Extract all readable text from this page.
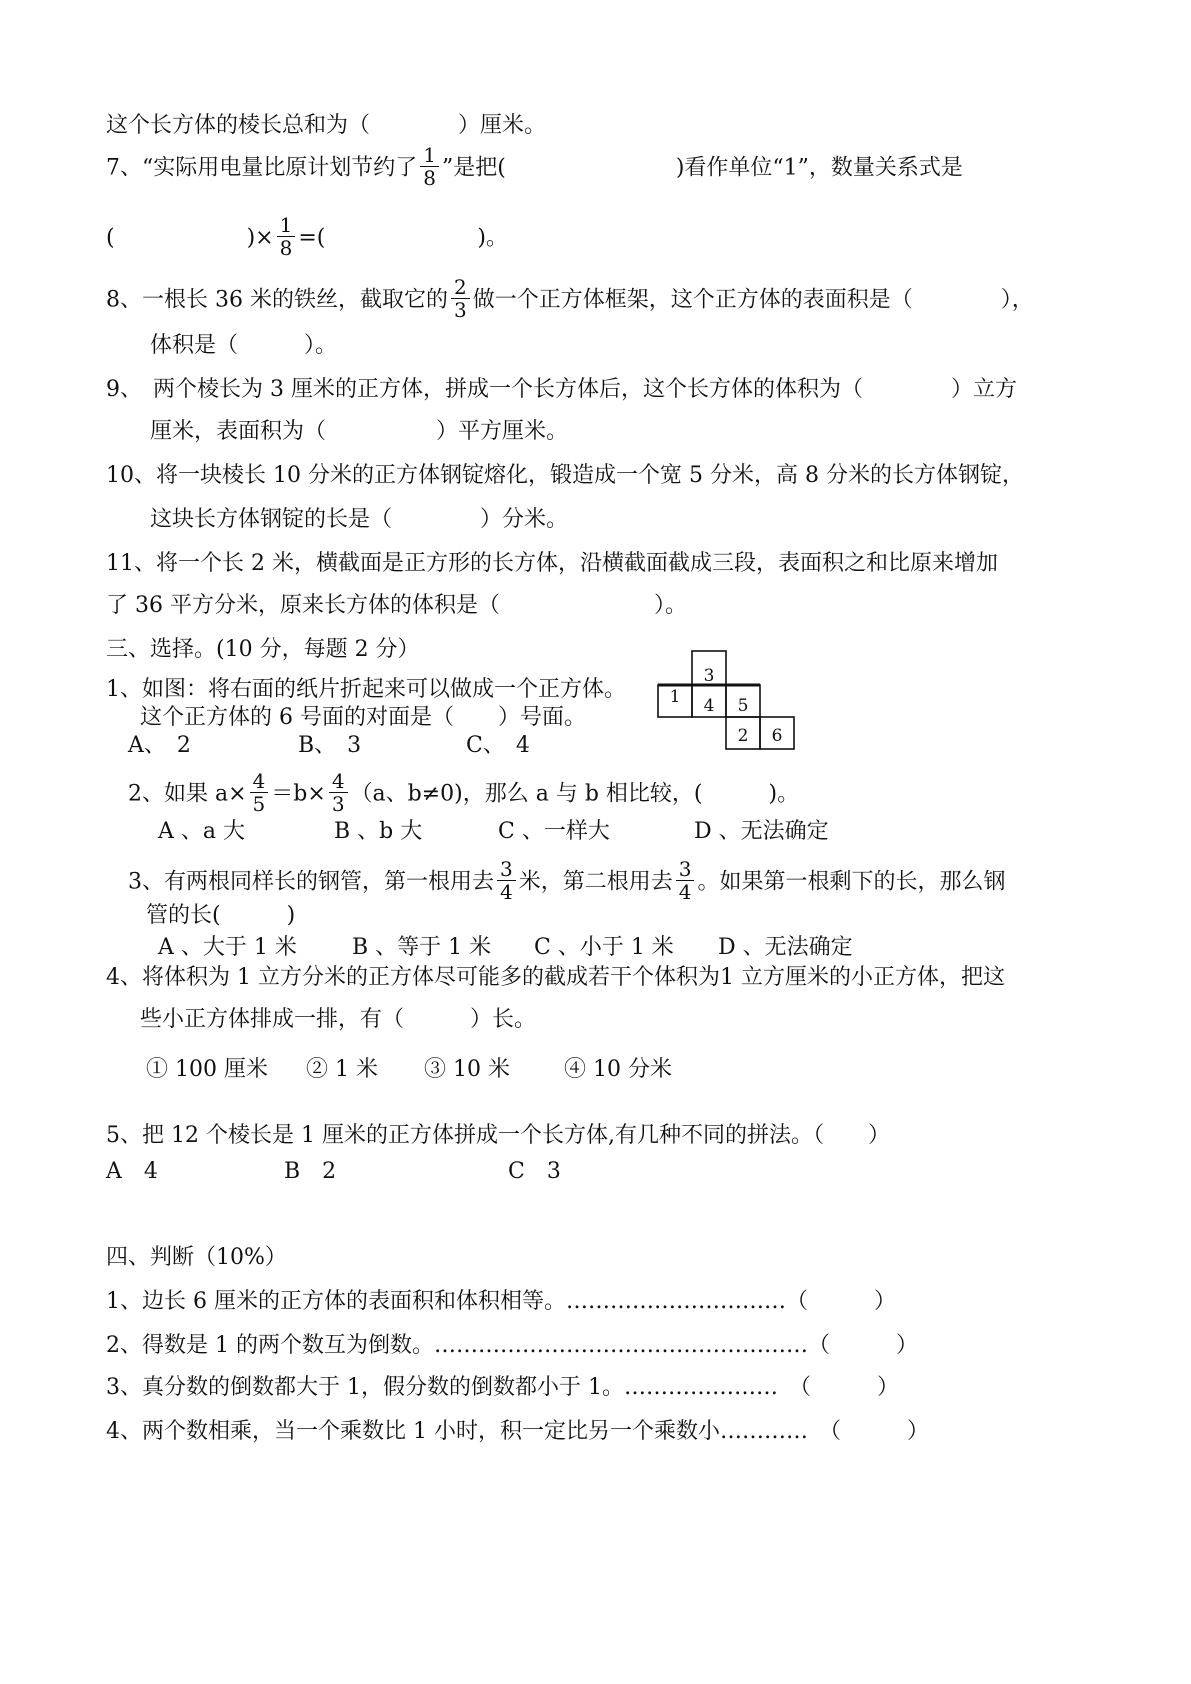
这个长方体的棱长总和为（　　　　）厘米。
7、“实际用电量比原计划节约了 $\frac{1}{8}$ ”是把(	)看作单位“1”，数量关系式是
(	)× $\frac{1}{8}$ =(	)。
8、一根长 36 米的铁丝，截取它的 $\frac{2}{3}$ 做一个正方体框架，这个正方体的表面积是（　　　　），
体积是（　　　）。
9、　两个棱长为 3 厘米的正方体，拼成一个长方体后，这个长方体的体积为（　　　　）立方
厘米，表面积为（　　　　　）平方厘米。
10、将一块棱长 10 分米的正方体钢锭熔化，锻造成一个宽 5 分米，高 8 分米的长方体钢锭，
这块长方体钢锭的长是（　　　　）分米。
11、将一个长 2 米，横截面是正方形的长方体，沿横截面截成三段，表面积之和比原来增加
了 36 平方分米，原来长方体的体积是（　　　　　　　）。
三、选择。(10 分，每题 2 分）
1、如图：将右面的纸片折起来可以做成一个正方体。
这个正方体的 6 号面的对面是（　　）号面。
A、　2	B、　3	C、　4
3
1 4 5
2 6
2、如果 $a\times \frac{4}{5} =b\times \frac{4}{3} (a$、b≠0)，那么 a 与 b 相比较，(　　　)。
A 、a 大	B 、b 大	C 、一样大	D 、无法确定
3、有两根同样长的钢管，第一根用去 $\frac{3}{4}$ 米，第二根用去 $\frac{3}{4}$ 。如果第一根剩下的长，那么钢
管的长(　　　)
A 、大于 1 米	B 、等于 1 米 C 、小于 1 米 D 、无法确定
4、将体积为 1 立方分米的正方体尽可能多的截成若干个体积为1 立方厘米的小正方体，把这
些小正方体排成一排，有（　　　）长。
① 100 厘米 ② 1 米 ③ 10 米 ④ 10 分米
5、把 12 个棱长是 1 厘米的正方体拼成一个长方体,有几种不同的拼法。（　　）
A　4	B　2	C　3
四、判断（10%）
1、边长 6 厘米的正方体的表面积和体积相等。…………………………（　　　）
2、得数是 1 的两个数互为倒数。……………………………………………（　　　）
3、真分数的倒数都大于 1，假分数的倒数都小于 1。…………………　（　　　）
4、两个数相乘，当一个乘数比 1 小时，积一定比另一个乘数小…………　（　　　）
